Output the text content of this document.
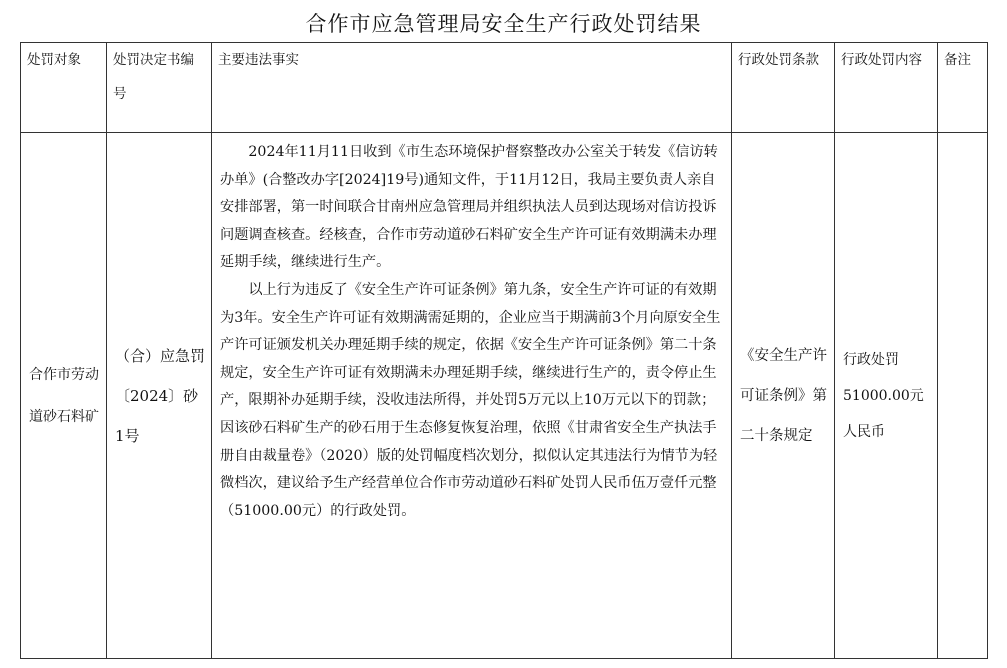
合作市应急管理局安全生产行政处罚结果
处罚对象	处罚决定书编号	主要违法事实	行政处罚条款	行政处罚内容	备注
合作市劳动道砂石料矿	（合）应急罚〔2024〕砂1号	2024年11月11日收到《市生态环境保护督察整改办公室关于转发《信访转办单》(合整改办字[2024]19号)通知文件，于11月12日，我局主要负责人亲自安排部署，第一时间联合甘南州应急管理局并组织执法人员到达现场对信访投诉问题调查核查。经核查，合作市劳动道砂石料矿安全生产许可证有效期满未办理延期手续，继续进行生产。

以上行为违反了《安全生产许可证条例》第九条，安全生产许可证的有效期为3年。安全生产许可证有效期满需延期的，企业应当于期满前3个月向原安全生产许可证颁发机关办理延期手续的规定，依据《安全生产许可证条例》第二十条规定，安全生产许可证有效期满未办理延期手续，继续进行生产的，责令停止生产，限期补办延期手续，没收违法所得，并处罚5万元以上10万元以下的罚款；因该砂石料矿生产的砂石用于生态修复恢复治理，依照《甘肃省安全生产执法手册自由裁量卷》（2020）版的处罚幅度档次划分，拟似认定其违法行为情节为轻微档次，建议给予生产经营单位合作市劳动道砂石料矿处罚人民币伍万壹仟元整（51000.00元）的行政处罚。	《安全生产许可证条例》第二十条规定	行政处罚51000.00元人民币	
